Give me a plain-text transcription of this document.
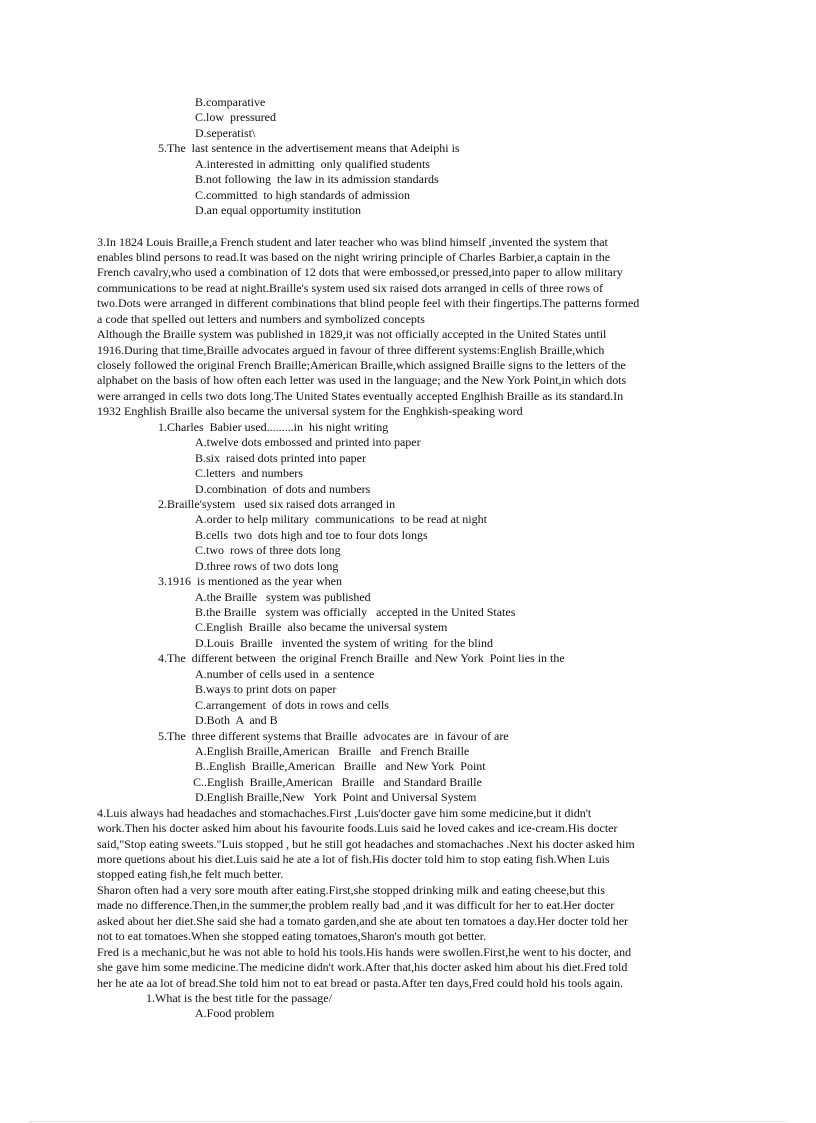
B.comparative
C.low  pressured
D.seperatist\
5.The  last sentence in the advertisement means that Adeiphi is
A.interested in admitting  only qualified students
B.not following  the law in its admission standards
C.committed  to high standards of admission
D.an equal opportumity institution
3.In 1824 Louis Braille,a French student and later teacher who was blind himself ,invented the system that
enables blind persons to read.It was based on the night wriring principle of Charles Barbier,a captain in the
French cavalry,who used a combination of 12 dots that were embossed,or pressed,into paper to allow military
communications to be read at night.Braille's system used six raised dots arranged in cells of three rows of
two.Dots were arranged in different combinations that blind people feel with their fingertips.The patterns formed
a code that spelled out letters and numbers and symbolized concepts
Although the Braille system was published in 1829,it was not officially accepted in the United States until
1916.During that time,Braille advocates argued in favour of three different systems:English Braille,which
closely followed the original French Braille;American Braille,which assigned Braille signs to the letters of the
alphabet on the basis of how often each letter was used in the language; and the New York Point,in which dots
were arranged in cells two dots long.The United States eventually accepted Englhish Braille as its standard.In
1932 Enghlish Braille also became the universal system for the Enghkish-speaking word
1.Charles  Babier used.........in  his night writing
A.twelve dots embossed and printed into paper
B.six  raised dots printed into paper
C.letters  and numbers
D.combination  of dots and numbers
2.Braille'system   used six raised dots arranged in
A.order to help military  communications  to be read at night
B.cells  two  dots high and toe to four dots longs
C.two  rows of three dots long
D.three rows of two dots long
3.1916  is mentioned as the year when
A.the Braille   system was published
B.the Braille   system was officially   accepted in the United States
C.English  Braille  also became the universal system
D.Louis  Braille   invented the system of writing  for the blind
4.The  different between  the original French Braille  and New York  Point lies in the
A.number of cells used in  a sentence
B.ways to print dots on paper
C.arrangement  of dots in rows and cells
D.Both  A  and B
5.The  three different systems that Braille  advocates are  in favour of are
A.English Braille,American   Braille   and French Braille
B..English  Braille,American   Braille   and New York  Point
C..English  Braille,American   Braille   and Standard Braille
D.English Braille,New   York  Point and Universal System
4.Luis always had headaches and stomachaches.First ,Luis'docter gave him some medicine,but it didn't
work.Then his docter asked him about his favourite foods.Luis said he loved cakes and ice-cream.His docter
said,"Stop eating sweets."Luis stopped , but he still got headaches and stomachaches .Next his docter asked him
more quetions about his diet.Luis said he ate a lot of fish.His docter told him to stop eating fish.When Luis
stopped eating fish,he felt much better.
Sharon often had a very sore mouth after eating.First,she stopped drinking milk and eating cheese,but this
made no difference.Then,in the summer,the problem really bad ,and it was difficult for her to eat.Her docter
asked about her diet.She said she had a tomato garden,and she ate about ten tomatoes a day.Her docter told her
not to eat tomatoes.When she stopped eating tomatoes,Sharon's mouth got better.
Fred is a mechanic,but he was not able to hold his tools.His hands were swollen.First,he went to his docter, and
she gave him some medicine.The medicine didn't work.After that,his docter asked him about his diet.Fred told
her he ate aa lot of bread.She told him not to eat bread or pasta.After ten days,Fred could hold his tools again.
1.What is the best title for the passage/
A.Food problem
